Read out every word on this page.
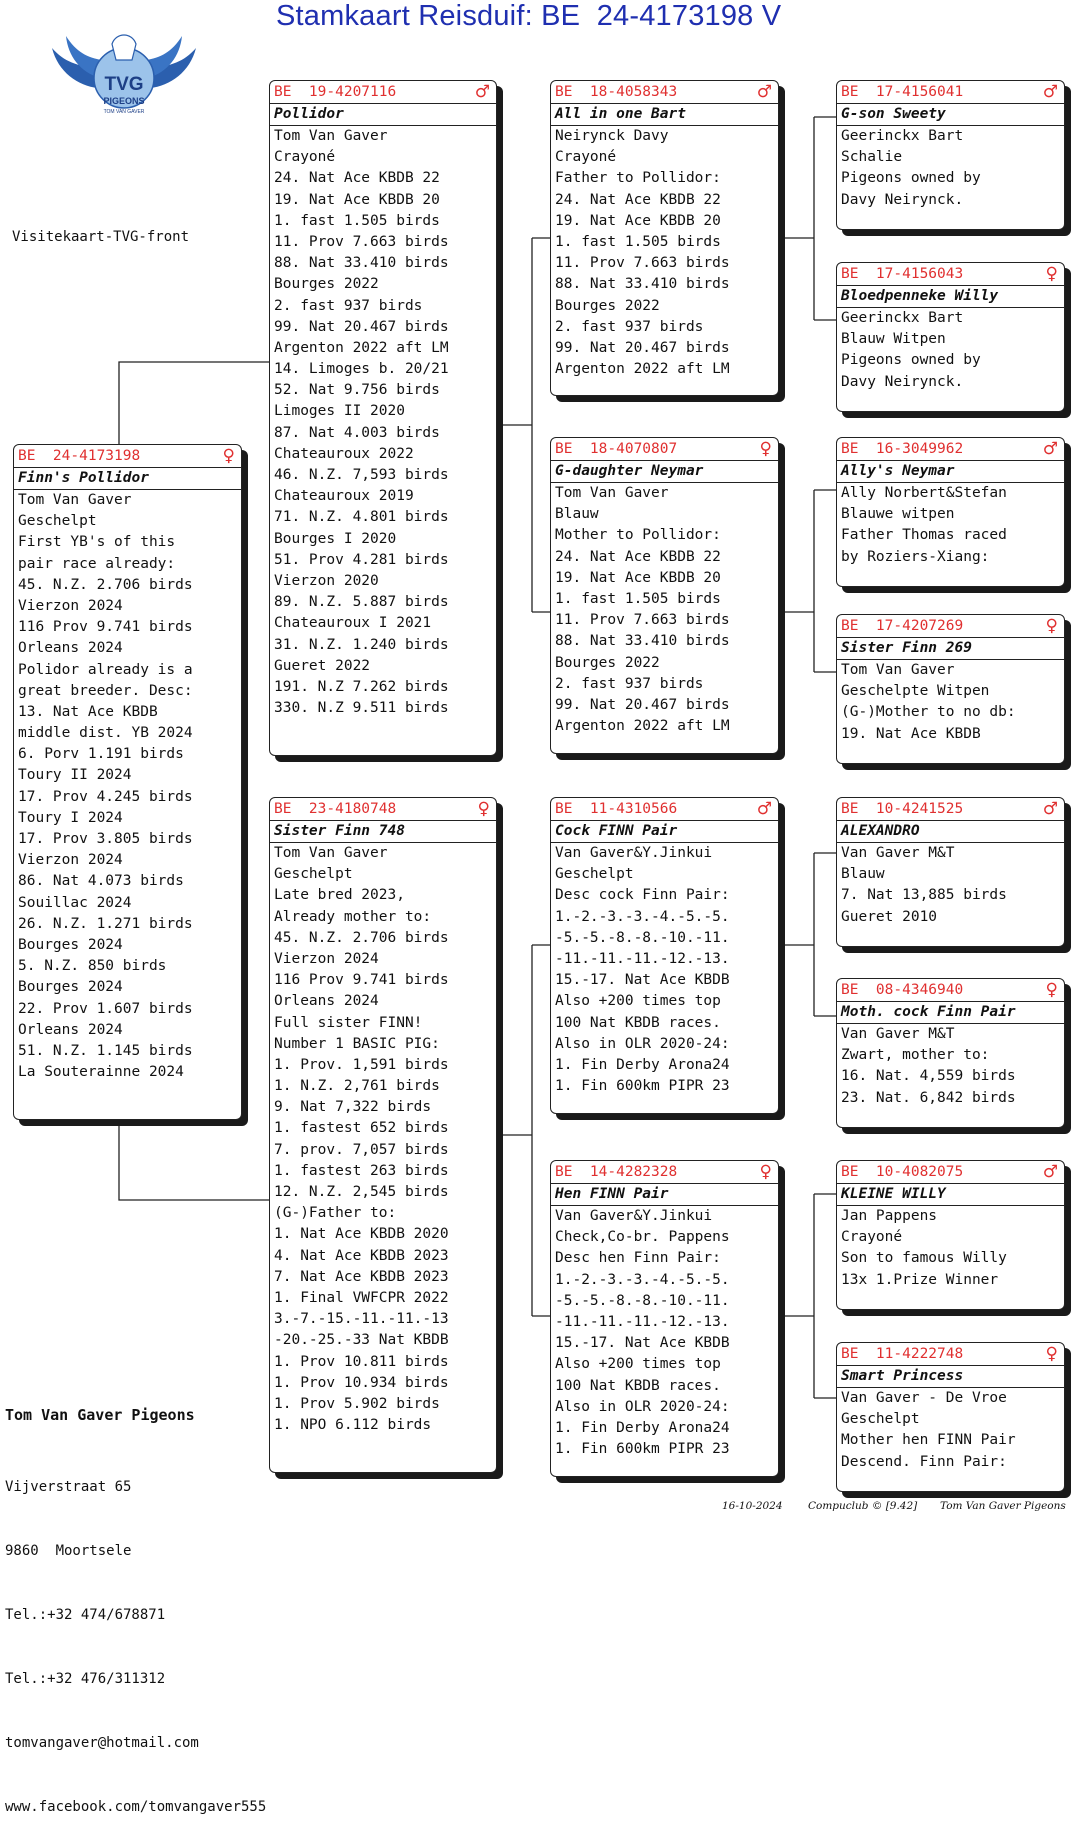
Stamkaart Reisduif: BE  24-4173198 V
TVG
PIGEONS
TOM VAN GAVER
Visitekaart-TVG-front
BE  24-4173198	♀
Finn's Pollidor
Tom Van Gaver
Geschelpt
First YB's of this
pair race already:
45. N.Z. 2.706 birds
Vierzon 2024
116 Prov 9.741 birds
Orleans 2024
Polidor already is a
great breeder. Desc:
13. Nat Ace KBDB
middle dist. YB 2024
6. Porv 1.191 birds
Toury II 2024
17. Prov 4.245 birds
Toury I 2024
17. Prov 3.805 birds
Vierzon 2024
86. Nat 4.073 birds
Souillac 2024
26. N.Z. 1.271 birds
Bourges 2024
5. N.Z. 850 birds
Bourges 2024
22. Prov 1.607 birds
Orleans 2024
51. N.Z. 1.145 birds
La Souterainne 2024
BE  19-4207116	♂
Pollidor
Tom Van Gaver
Crayoné
24. Nat Ace KBDB 22
19. Nat Ace KBDB 20
1. fast 1.505 birds
11. Prov 7.663 birds
88. Nat 33.410 birds
Bourges 2022
2. fast 937 birds
99. Nat 20.467 birds
Argenton 2022 aft LM
14. Limoges b. 20/21
52. Nat 9.756 birds
Limoges II 2020
87. Nat 4.003 birds
Chateauroux 2022
46. N.Z. 7,593 birds
Chateauroux 2019
71. N.Z. 4.801 birds
Bourges I 2020
51. Prov 4.281 birds
Vierzon 2020
89. N.Z. 5.887 birds
Chateauroux I 2021
31. N.Z. 1.240 birds
Gueret 2022
191. N.Z 7.262 birds
330. N.Z 9.511 birds
BE  23-4180748	♀
Sister Finn 748
Tom Van Gaver
Geschelpt
Late bred 2023,
Already mother to:
45. N.Z. 2.706 birds
Vierzon 2024
116 Prov 9.741 birds
Orleans 2024
Full sister FINN!
Number 1 BASIC PIG:
1. Prov. 1,591 birds
1. N.Z. 2,761 birds
9. Nat 7,322 birds
1. fastest 652 birds
7. prov. 7,057 birds
1. fastest 263 birds
12. N.Z. 2,545 birds
(G-)Father to:
1. Nat Ace KBDB 2020
4. Nat Ace KBDB 2023
7. Nat Ace KBDB 2023
1. Final VWFCPR 2022
3.-7.-15.-11.-11.-13
-20.-25.-33 Nat KBDB
1. Prov 10.811 birds
1. Prov 10.934 birds
1. Prov 5.902 birds
1. NPO 6.112 birds
BE  18-4058343	♂
All in one Bart
Neirynck Davy
Crayoné
Father to Pollidor:
24. Nat Ace KBDB 22
19. Nat Ace KBDB 20
1. fast 1.505 birds
11. Prov 7.663 birds
88. Nat 33.410 birds
Bourges 2022
2. fast 937 birds
99. Nat 20.467 birds
Argenton 2022 aft LM
BE  18-4070807	♀
G-daughter Neymar
Tom Van Gaver
Blauw
Mother to Pollidor:
24. Nat Ace KBDB 22
19. Nat Ace KBDB 20
1. fast 1.505 birds
11. Prov 7.663 birds
88. Nat 33.410 birds
Bourges 2022
2. fast 937 birds
99. Nat 20.467 birds
Argenton 2022 aft LM
BE  11-4310566	♂
Cock FINN Pair
Van Gaver&Y.Jinkui
Geschelpt
Desc cock Finn Pair:
1.-2.-3.-3.-4.-5.-5.
-5.-5.-8.-8.-10.-11.
-11.-11.-11.-12.-13.
15.-17. Nat Ace KBDB
Also +200 times top
100 Nat KBDB races.
Also in OLR 2020-24:
1. Fin Derby Arona24
1. Fin 600km PIPR 23
BE  14-4282328	♀
Hen FINN Pair
Van Gaver&Y.Jinkui
Check,Co-br. Pappens
Desc hen Finn Pair:
1.-2.-3.-3.-4.-5.-5.
-5.-5.-8.-8.-10.-11.
-11.-11.-11.-12.-13.
15.-17. Nat Ace KBDB
Also +200 times top
100 Nat KBDB races.
Also in OLR 2020-24:
1. Fin Derby Arona24
1. Fin 600km PIPR 23
BE  17-4156041	♂
G-son Sweety
Geerinckx Bart
Schalie
Pigeons owned by
Davy Neirynck.
BE  17-4156043	♀
Bloedpenneke Willy
Geerinckx Bart
Blauw Witpen
Pigeons owned by
Davy Neirynck.
BE  16-3049962	♂
Ally's Neymar
Ally Norbert&Stefan
Blauwe witpen
Father Thomas raced
by Roziers-Xiang:
BE  17-4207269	♀
Sister Finn 269
Tom Van Gaver
Geschelpte Witpen
(G-)Mother to no db:
19. Nat Ace KBDB
BE  10-4241525	♂
ALEXANDRO
Van Gaver M&T
Blauw
7. Nat 13,885 birds
Gueret 2010
BE  08-4346940	♀
Moth. cock Finn Pair
Van Gaver M&T
Zwart, mother to:
16. Nat. 4,559 birds
23. Nat. 6,842 birds
BE  10-4082075	♂
KLEINE WILLY
Jan Pappens
Crayoné
Son to famous Willy
13x 1.Prize Winner
BE  11-4222748	♀
Smart Princess
Van Gaver - De Vroe
Geschelpt
Mother hen FINN Pair
Descend. Finn Pair:

Tom Van Gaver Pigeons

Vijverstraat 65

9860  Moortsele

Tel.:+32 474/678871

Tel.:+32 476/311312

tomvangaver@hotmail.com

www.facebook.com/tomvangaver555

16-10-2024 Compuclub © [9.42] Tom Van Gaver Pigeons
